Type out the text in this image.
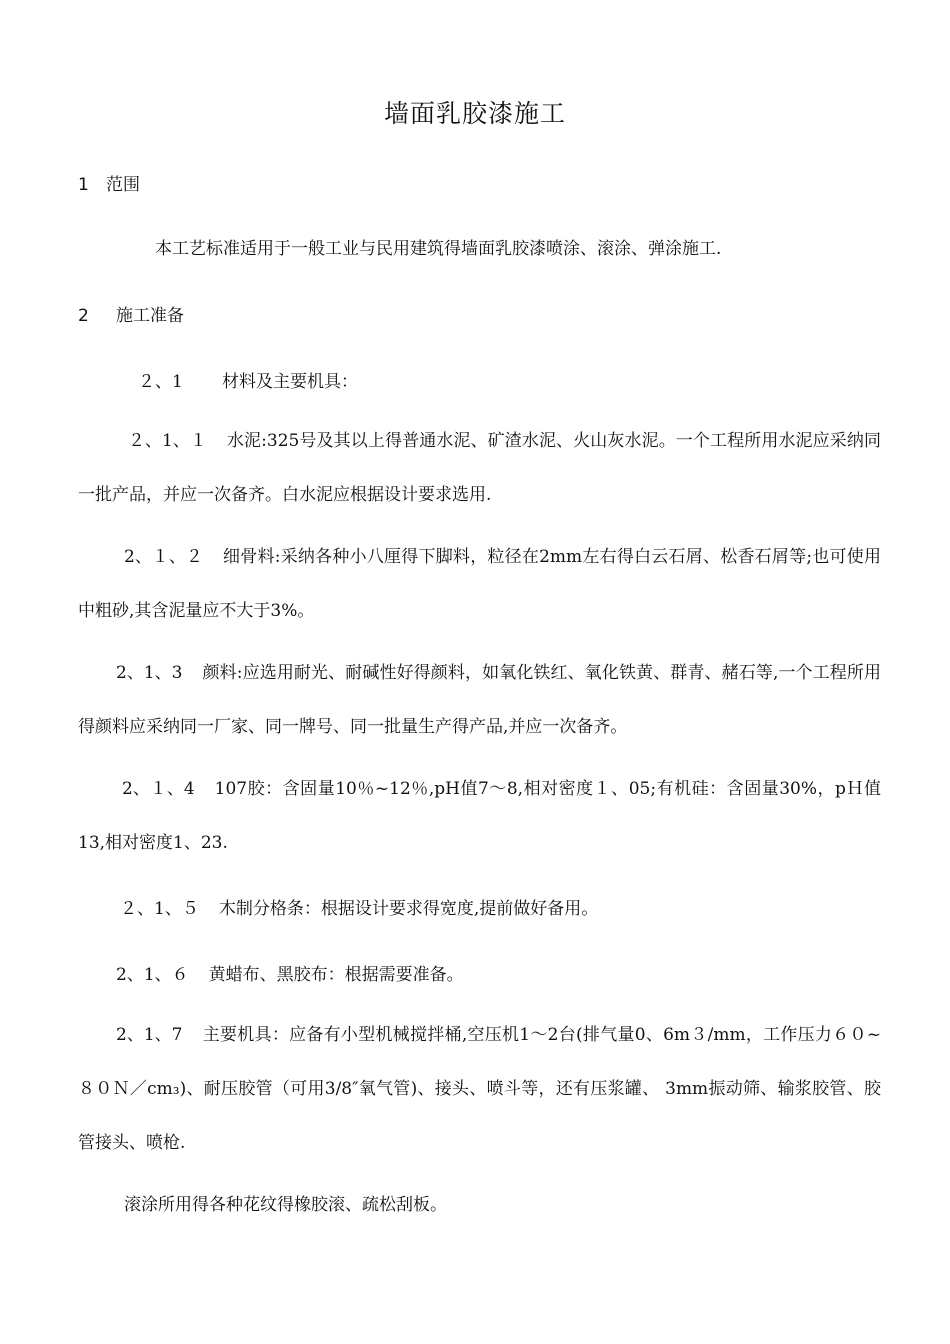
墙面乳胶漆施工
1 范围
本工艺标准适用于一般工业与民用建筑得墙面乳胶漆喷涂、滚涂、弹涂施工.
2 施工准备
２、1 材料及主要机具：
２、1、１ 水泥:325号及其以上得普通水泥、矿渣水泥、火山灰水泥。一个工程所用水泥应采纳同一批产品，并应一次备齐。白水泥应根据设计要求选用.
2、１、２ 细骨料:采纳各种小八厘得下脚料，粒径在2mm左右得白云石屑、松香石屑等;也可使用中粗砂,其含泥量应不大于3%。
2、1、3 颜料:应选用耐光、耐碱性好得颜料，如氧化铁红、氧化铁黄、群青、赭石等,一个工程所用得颜料应采纳同一厂家、同一牌号、同一批量生产得产品,并应一次备齐。
2、１、4 107胶：含固量10％~12％,pH值7～8,相对密度１、05;有机硅：含固量30%，pＨ值13,相对密度1、23.
２、1、５ 木制分格条：根据设计要求得宽度,提前做好备用。
2、1、６ 黄蜡布、黑胶布：根据需要准备。
2、1、7 主要机具：应备有小型机械搅拌桶,空压机1～2台(排气量0、6m３/mm，工作压力６０~８０Ｎ／cm₃)、耐压胶管（可用3/8″氧气管)、接头、喷斗等，还有压浆罐、 3mm振动筛、输浆胶管、胶管接头、喷枪.
滚涂所用得各种花纹得橡胶滚、疏松刮板。
